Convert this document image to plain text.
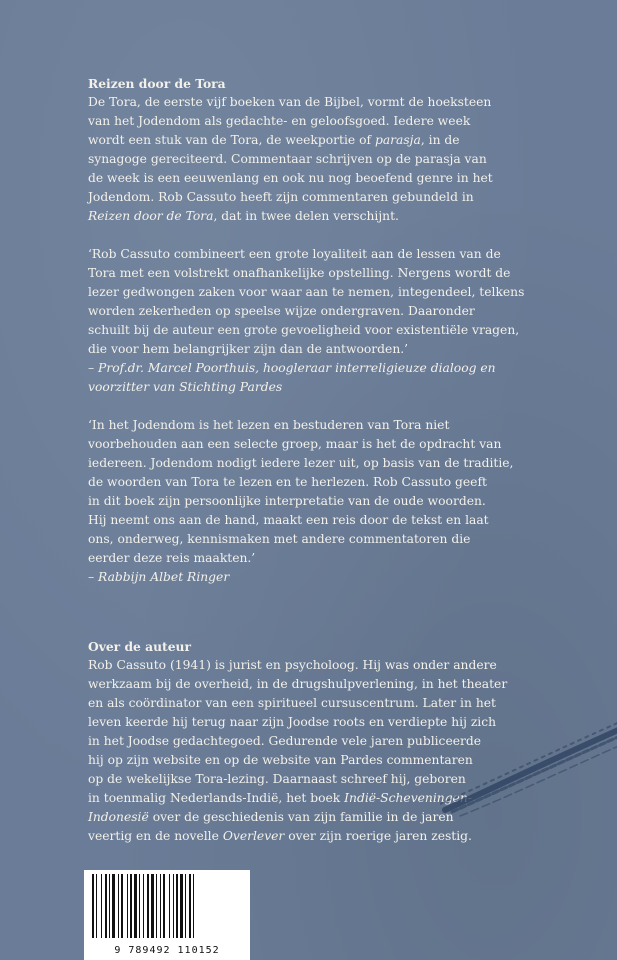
Reizen door de Tora

De Tora, de eerste vijf boeken van de Bijbel, vormt de hoeksteen
van het Jodendom als gedachte- en geloofsgoed. Iedere week
wordt een stuk van de Tora, de weekportie of parasja, in de
synagoge gereciteerd. Commentaar schrijven op de parasja van
de week is een eeuwenlang en ook nu nog beoefend genre in het
Jodendom. Rob Cassuto heeft zijn commentaren gebundeld in
Reizen door de Tora, dat in twee delen verschijnt.
‘Rob Cassuto combineert een grote loyaliteit aan de lessen van de
Tora met een volstrekt onafhankelijke opstelling. Nergens wordt de
lezer gedwongen zaken voor waar aan te nemen, integendeel, telkens
worden zekerheden op speelse wijze ondergraven. Daaronder
schuilt bij de auteur een grote gevoeligheid voor existentiële vragen,
die voor hem belangrijker zijn dan de antwoorden.’
– Prof.dr. Marcel Poorthuis, hoogleraar interreligieuze dialoog en
voorzitter van Stichting Pardes
‘In het Jodendom is het lezen en bestuderen van Tora niet
voorbehouden aan een selecte groep, maar is het de opdracht van
iedereen. Jodendom nodigt iedere lezer uit, op basis van de traditie,
de woorden van Tora te lezen en te herlezen. Rob Cassuto geeft
in dit boek zijn persoonlijke interpretatie van de oude woorden.
Hij neemt ons aan de hand, maakt een reis door de tekst en laat
ons, onderweg, kennismaken met andere commentatoren die
eerder deze reis maakten.’
– Rabbijn Albet Ringer

Over de auteur

Rob Cassuto (1941) is jurist en psycholoog. Hij was onder andere
werkzaam bij de overheid, in de drugshulpverlening, in het theater
en als coördinator van een spiritueel cursuscentrum. Later in het
leven keerde hij terug naar zijn Joodse roots en verdiepte hij zich
in het Joodse gedachtegoed. Gedurende vele jaren publiceerde
hij op zijn website en op de website van Pardes commentaren
op de wekelijkse Tora-lezing. Daarnaast schreef hij, geboren
in toenmalig Nederlands-Indië, het boek Indië-Scheveningen-
Indonesië over de geschiedenis van zijn familie in de jaren
veertig en de novelle Overlever over zijn roerige jaren zestig.
9 789492 110152
